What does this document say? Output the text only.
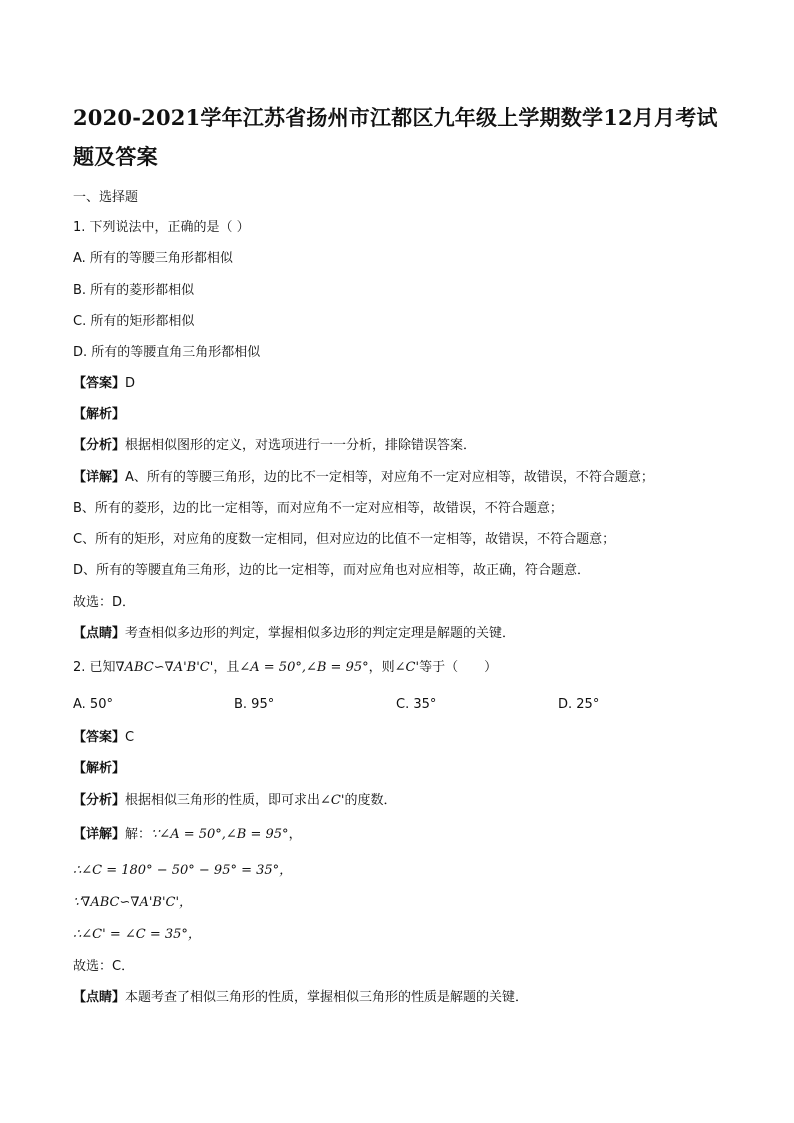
2020-2021学年江苏省扬州市江都区九年级上学期数学12月月考试题及答案
一、选择题
1. 下列说法中，正确的是（ ）
A. 所有的等腰三角形都相似
B. 所有的菱形都相似
C. 所有的矩形都相似
D. 所有的等腰直角三角形都相似
【答案】D
【解析】
【分析】根据相似图形的定义，对选项进行一一分析，排除错误答案．
【详解】A、所有的等腰三角形，边的比不一定相等，对应角不一定对应相等，故错误，不符合题意；
B、所有的菱形，边的比一定相等，而对应角不一定对应相等，故错误，不符合题意；
C、所有的矩形，对应角的度数一定相同，但对应边的比值不一定相等，故错误，不符合题意；
D、所有的等腰直角三角形，边的比一定相等，而对应角也对应相等，故正确，符合题意．
故选：D．
【点睛】考查相似多边形的判定，掌握相似多边形的判定定理是解题的关键．
2. 已知∇ABC∽∇A'B'C'，且∠A = 50°,∠B = 95°，则∠C'等于（　　）
A. 50°	B. 95°	C. 35°	D. 25°
【答案】C
【解析】
【分析】根据相似三角形的性质，即可求出∠C'的度数．
【详解】解：∵∠A = 50°,∠B = 95°，
∴∠C = 180° − 50° − 95° = 35°，
∵∇ABC∽∇A'B'C'，
∴∠C' = ∠C = 35°，
故选：C．
【点睛】本题考查了相似三角形的性质，掌握相似三角形的性质是解题的关键．
